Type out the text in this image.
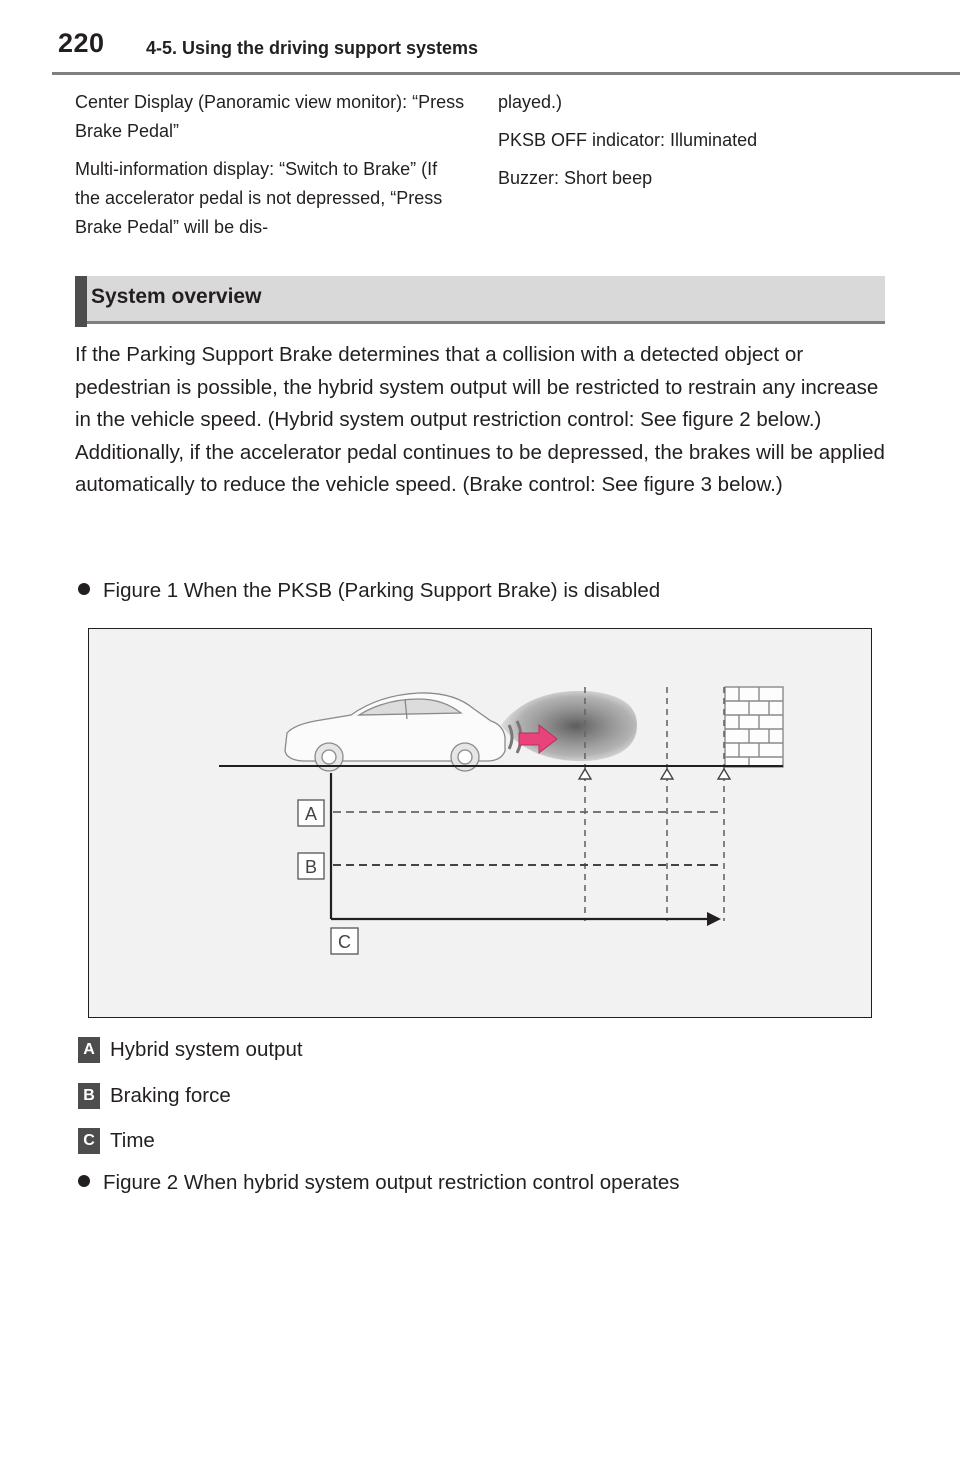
220 4-5. Using the driving support systems

Center Display (Panoramic view monitor): “Press Brake Pedal”

Multi-information display: “Switch to Brake” (If the accelerator pedal is not depressed, “Press Brake Pedal” will be dis-

played.)

PKSB OFF indicator: Illuminated

Buzzer: Short beep

System overview

If the Parking Support Brake determines that a collision with a detected object or pedestrian is possible, the hybrid system output will be restricted to restrain any increase in the vehicle speed. (Hybrid system output restriction control: See figure 2 below.)

Additionally, if the accelerator pedal continues to be depressed, the brakes will be applied automatically to reduce the vehicle speed. (Brake control: See figure 3 below.)

Figure 1 When the PKSB (Parking Support Brake) is disabled
A
B
C
A Hybrid system output
B Braking force
C Time
Figure 2 When hybrid system output restriction control operates
